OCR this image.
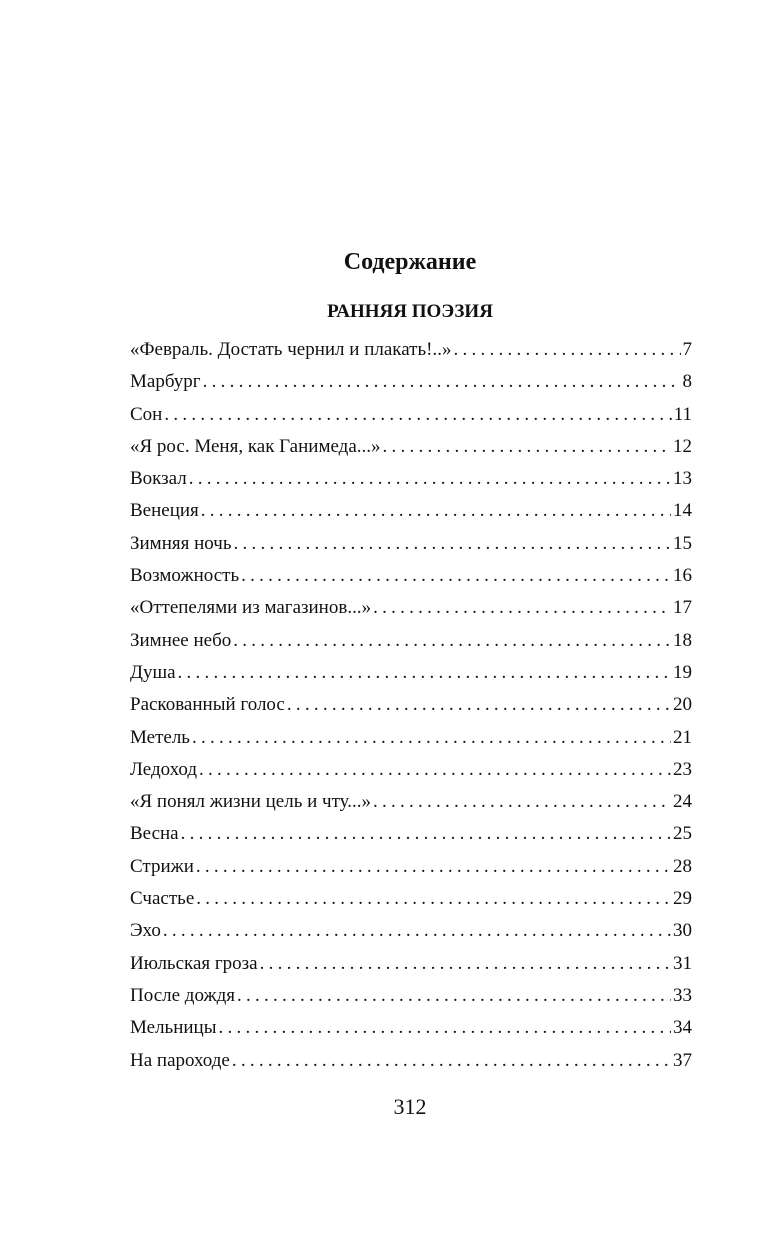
Содержание
РАННЯЯ ПОЭЗИЯ
«Февраль. Достать чернил и плакать!..» . . .	7
Марбург . . .	8
Сон . . .	11
«Я рос. Меня, как Ганимеда...» . . .	12
Вокзал . . .	13
Венеция . . .	14
Зимняя ночь . . .	15
Возможность . . .	16
«Оттепелями из магазинов...» . . .	17
Зимнее небо . . .	18
Душа . . .	19
Раскованный голос . . .	20
Метель . . .	21
Ледоход . . .	23
«Я понял жизни цель и чту...» . . .	24
Весна . . .	25
Стрижи . . .	28
Счастье . . .	29
Эхо . . .	30
Июльская гроза . . .	31
После дождя . . .	33
Мельницы . . .	34
На пароходе . . .	37

312
